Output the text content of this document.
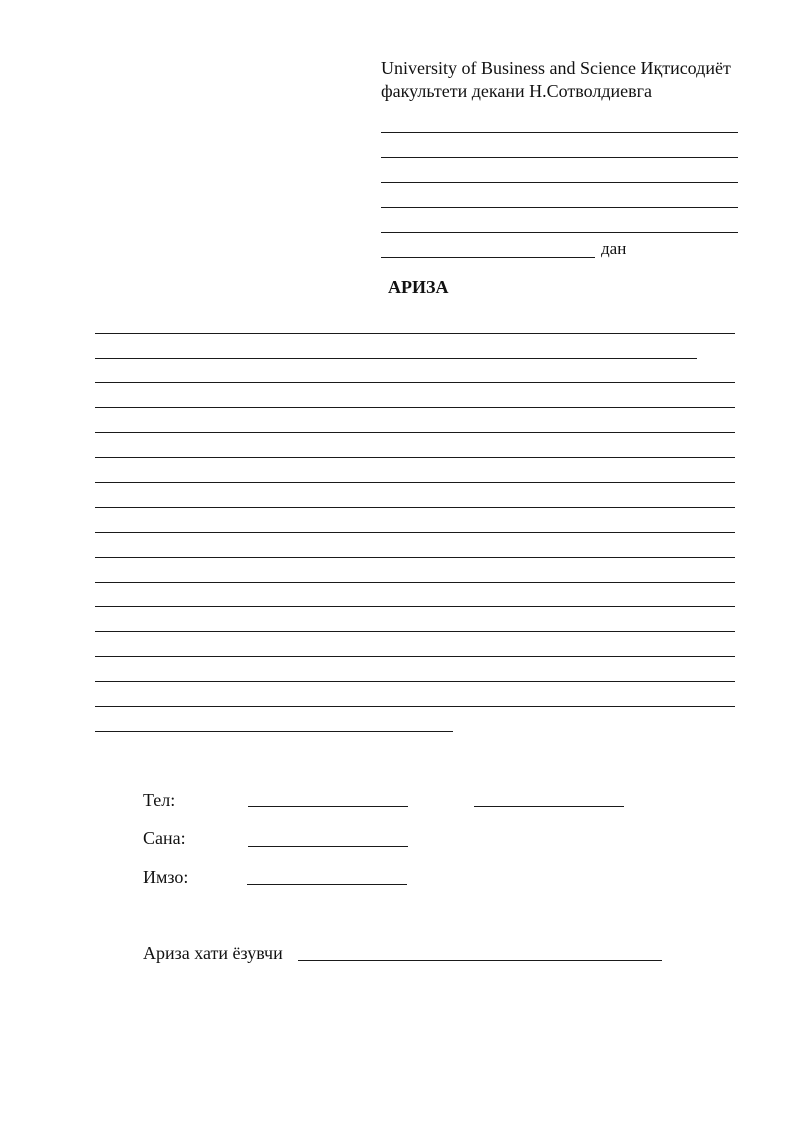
University of Business and Science Иқтисодиёт
факультети декани Н.Сотволдиевга
дан
АРИЗА
Тел:
Сана:
Имзо:
Ариза хати ёзувчи
